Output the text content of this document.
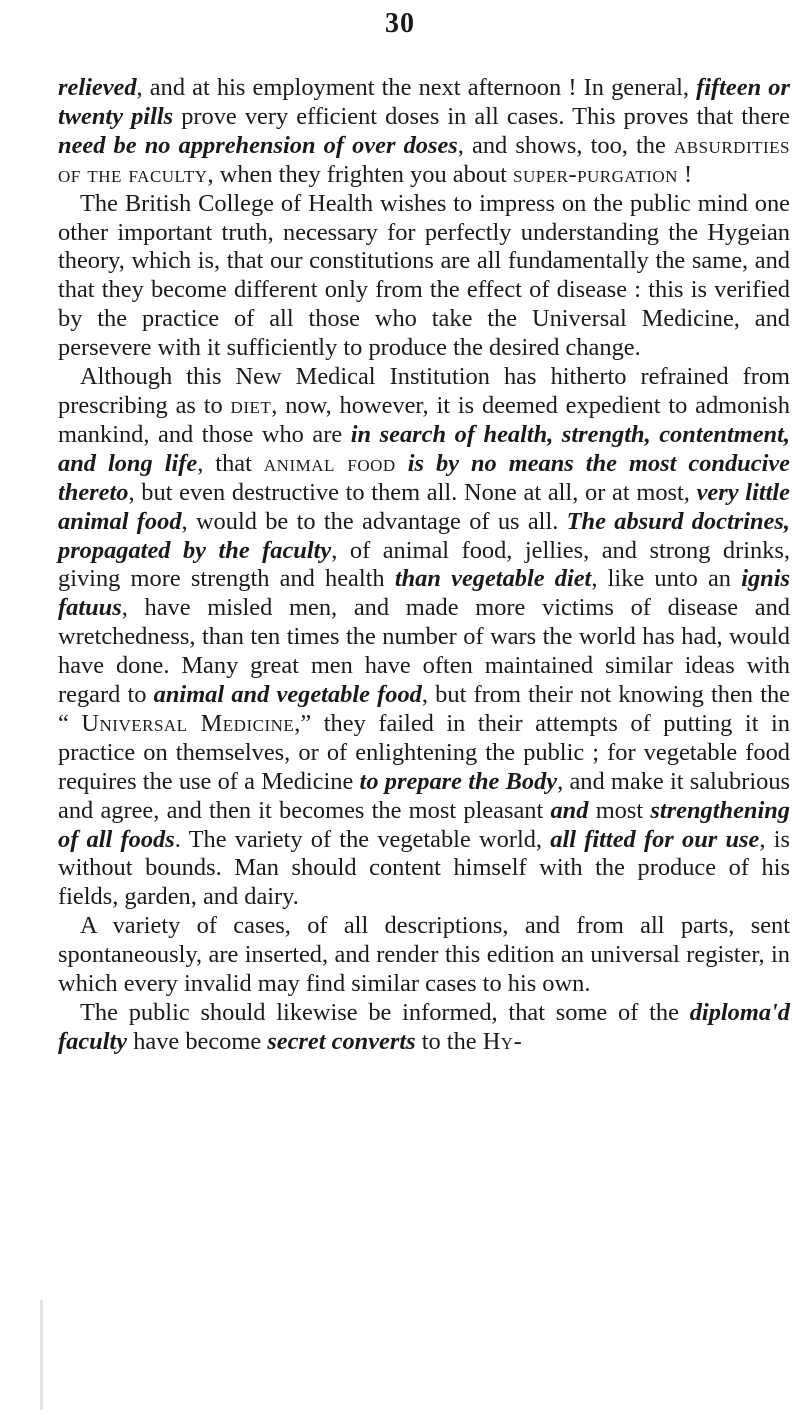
30

relieved, and at his employment the next afternoon ! In general, fifteen or twenty pills prove very efficient doses in all cases. This proves that there need be no apprehension of over doses, and shows, too, the absurdities of the faculty, when they frighten you about super-purgation !

The British College of Health wishes to impress on the public mind one other important truth, necessary for perfectly understanding the Hygeian theory, which is, that our constitutions are all fundamentally the same, and that they become different only from the effect of disease : this is verified by the practice of all those who take the Universal Medicine, and persevere with it sufficiently to produce the desired change.

Although this New Medical Institution has hitherto refrained from prescribing as to diet, now, however, it is deemed expedient to admonish mankind, and those who are in search of health, strength, contentment, and long life, that animal food is by no means the most conducive thereto, but even destructive to them all. None at all, or at most, very little animal food, would be to the advantage of us all. The absurd doctrines, propagated by the faculty, of animal food, jellies, and strong drinks, giving more strength and health than vegetable diet, like unto an ignis fatuus, have misled men, and made more victims of disease and wretchedness, than ten times the number of wars the world has had, would have done. Many great men have often maintained similar ideas with regard to animal and vegetable food, but from their not knowing then the “ Universal Medicine,” they failed in their attempts of putting it in practice on themselves, or of enlightening the public ; for vegetable food requires the use of a Medicine to prepare the Body, and make it salubrious and agree, and then it becomes the most pleasant and most strengthening of all foods. The variety of the vegetable world, all fitted for our use, is without bounds. Man should content himself with the produce of his fields, garden, and dairy.

A variety of cases, of all descriptions, and from all parts, sent spontaneously, are inserted, and render this edition an universal register, in which every invalid may find similar cases to his own.

The public should likewise be informed, that some of the diploma'd faculty have become secret converts to the Hy-
